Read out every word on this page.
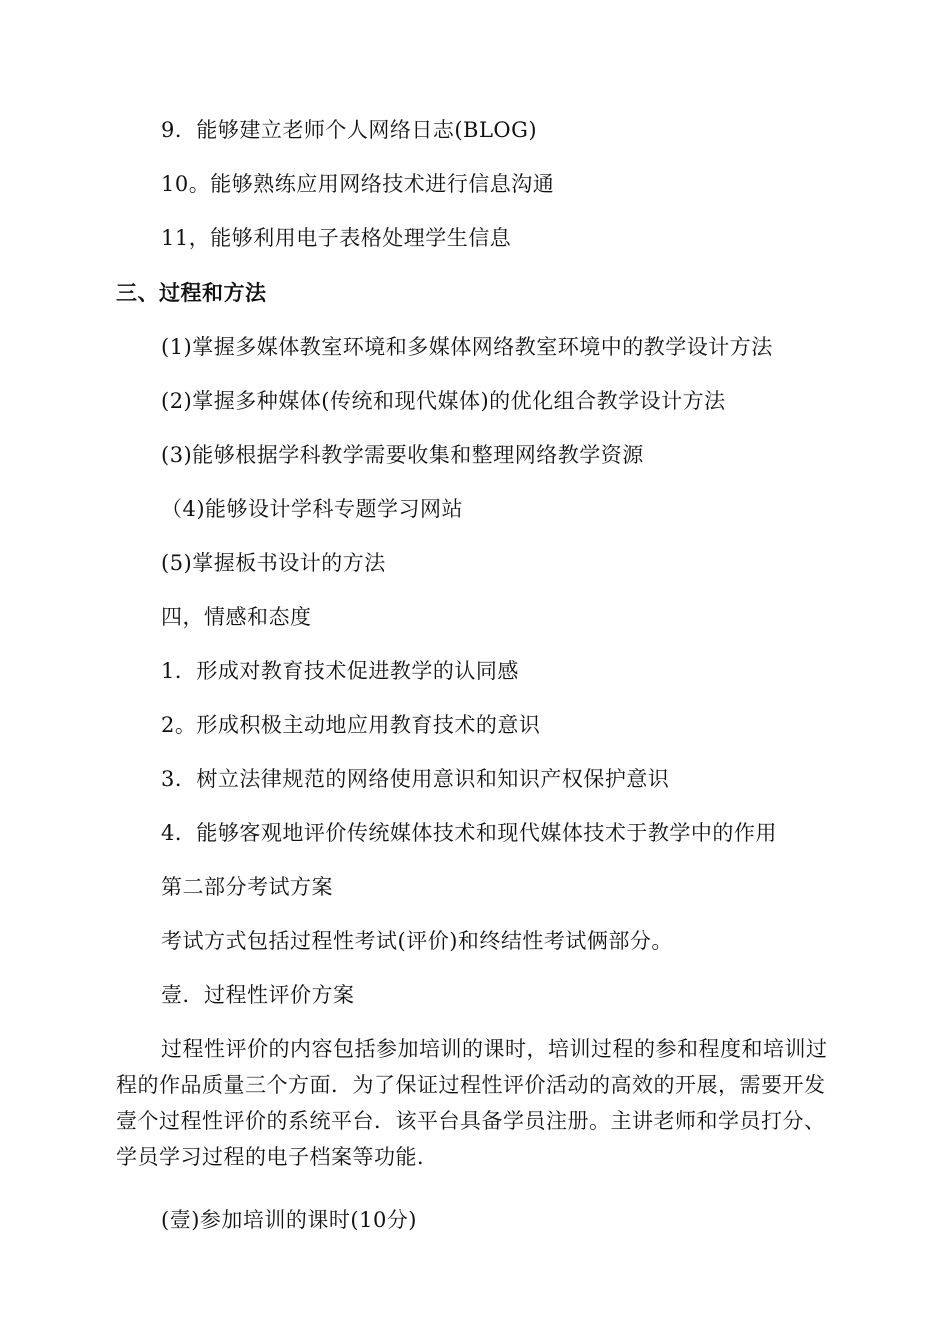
9．能够建立老师个人网络日志(BLOG)

10。能够熟练应用网络技术进行信息沟通

11，能够利用电子表格处理学生信息

三、过程和方法

(1)掌握多媒体教室环境和多媒体网络教室环境中的教学设计方法

(2)掌握多种媒体(传统和现代媒体)的优化组合教学设计方法

(3)能够根据学科教学需要收集和整理网络教学资源

（4)能够设计学科专题学习网站

(5)掌握板书设计的方法

四，情感和态度

1．形成对教育技术促进教学的认同感

2。形成积极主动地应用教育技术的意识

3．树立法律规范的网络使用意识和知识产权保护意识

4．能够客观地评价传统媒体技术和现代媒体技术于教学中的作用

第二部分考试方案

考试方式包括过程性考试(评价)和终结性考试俩部分。

壹．过程性评价方案

过程性评价的内容包括参加培训的课时，培训过程的参和程度和培训过程的作品质量三个方面．为了保证过程性评价活动的高效的开展，需要开发壹个过程性评价的系统平台．该平台具备学员注册。主讲老师和学员打分、学员学习过程的电子档案等功能．

(壹)参加培训的课时(10分)
